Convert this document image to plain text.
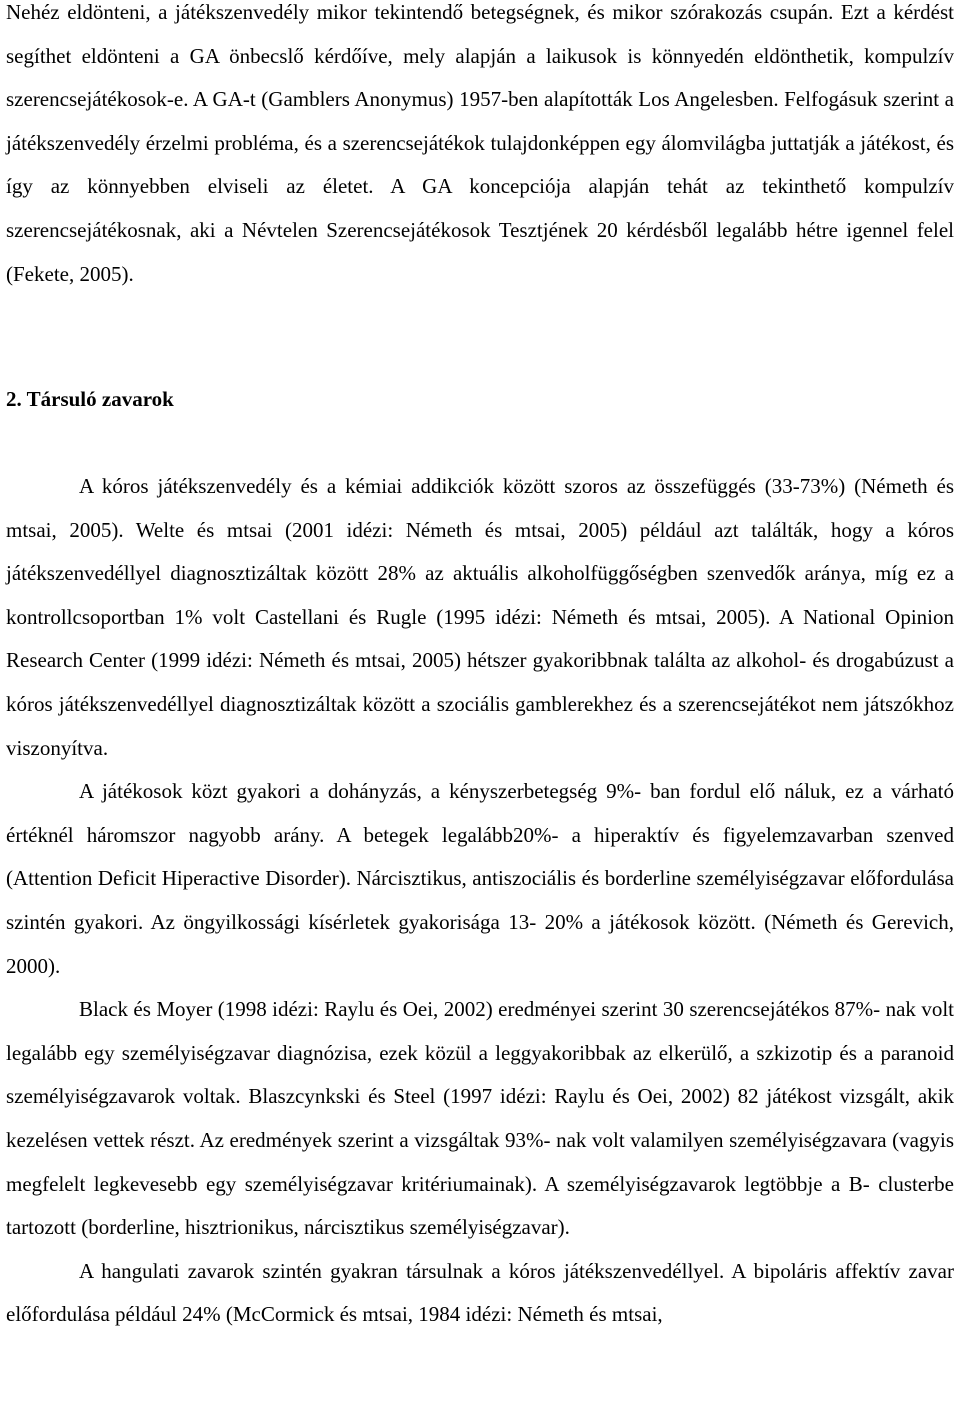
Nehéz eldönteni, a játékszenvedély mikor tekintendő betegségnek, és mikor szórakozás csupán. Ezt a kérdést segíthet eldönteni a GA önbecslő kérdőíve, mely alapján a laikusok is könnyedén eldönthetik, kompulzív szerencsejátékosok-e. A GA-t (Gamblers Anonymus) 1957-ben alapították Los Angelesben. Felfogásuk szerint a játékszenvedély érzelmi probléma, és a szerencsejátékok tulajdonképpen egy álomvilágba juttatják a játékost, és így az könnyebben elviseli az életet. A GA koncepciója alapján tehát az tekinthető kompulzív szerencsejátékosnak, aki a Névtelen Szerencsejátékosok Tesztjének 20 kérdésből legalább hétre igennel felel (Fekete, 2005).

2. Társuló zavarok

A kóros játékszenvedély és a kémiai addikciók között szoros az összefüggés (33-73%) (Németh és mtsai, 2005). Welte és mtsai (2001 idézi: Németh és mtsai, 2005) például azt találták, hogy a kóros játékszenvedéllyel diagnosztizáltak között 28% az aktuális alkoholfüggőségben szenvedők aránya, míg ez a kontrollcsoportban 1% volt Castellani és Rugle (1995 idézi: Németh és mtsai, 2005). A National Opinion Research Center (1999 idézi: Németh és mtsai, 2005) hétszer gyakoribbnak találta az alkohol- és drogabúzust a kóros játékszenvedéllyel diagnosztizáltak között a szociális gamblerekhez és a szerencsejátékot nem játszókhoz viszonyítva.

A játékosok közt gyakori a dohányzás, a kényszerbetegség 9%- ban fordul elő náluk, ez a várható értéknél háromszor nagyobb arány. A betegek legalább20%- a hiperaktív és figyelemzavarban szenved (Attention Deficit Hiperactive Disorder). Nárcisztikus, antiszociális és borderline személyiségzavar előfordulása szintén gyakori. Az öngyilkossági kísérletek gyakorisága 13- 20% a játékosok között. (Németh és Gerevich, 2000).

Black és Moyer (1998 idézi: Raylu és Oei, 2002) eredményei szerint 30 szerencsejátékos 87%- nak volt legalább egy személyiségzavar diagnózisa, ezek közül a leggyakoribbak az elkerülő, a szkizotip és a paranoid személyiségzavarok voltak. Blaszcynkski és Steel (1997 idézi: Raylu és Oei, 2002) 82 játékost vizsgált, akik kezelésen vettek részt. Az eredmények szerint a vizsgáltak 93%- nak volt valamilyen személyiségzavara (vagyis megfelelt legkevesebb egy személyiségzavar kritériumainak). A személyiségzavarok legtöbbje a B- clusterbe tartozott (borderline, hisztrionikus, nárcisztikus személyiségzavar).

A hangulati zavarok szintén gyakran társulnak a kóros játékszenvedéllyel. A bipoláris affektív zavar előfordulása például 24% (McCormick és mtsai, 1984 idézi: Németh és mtsai,
